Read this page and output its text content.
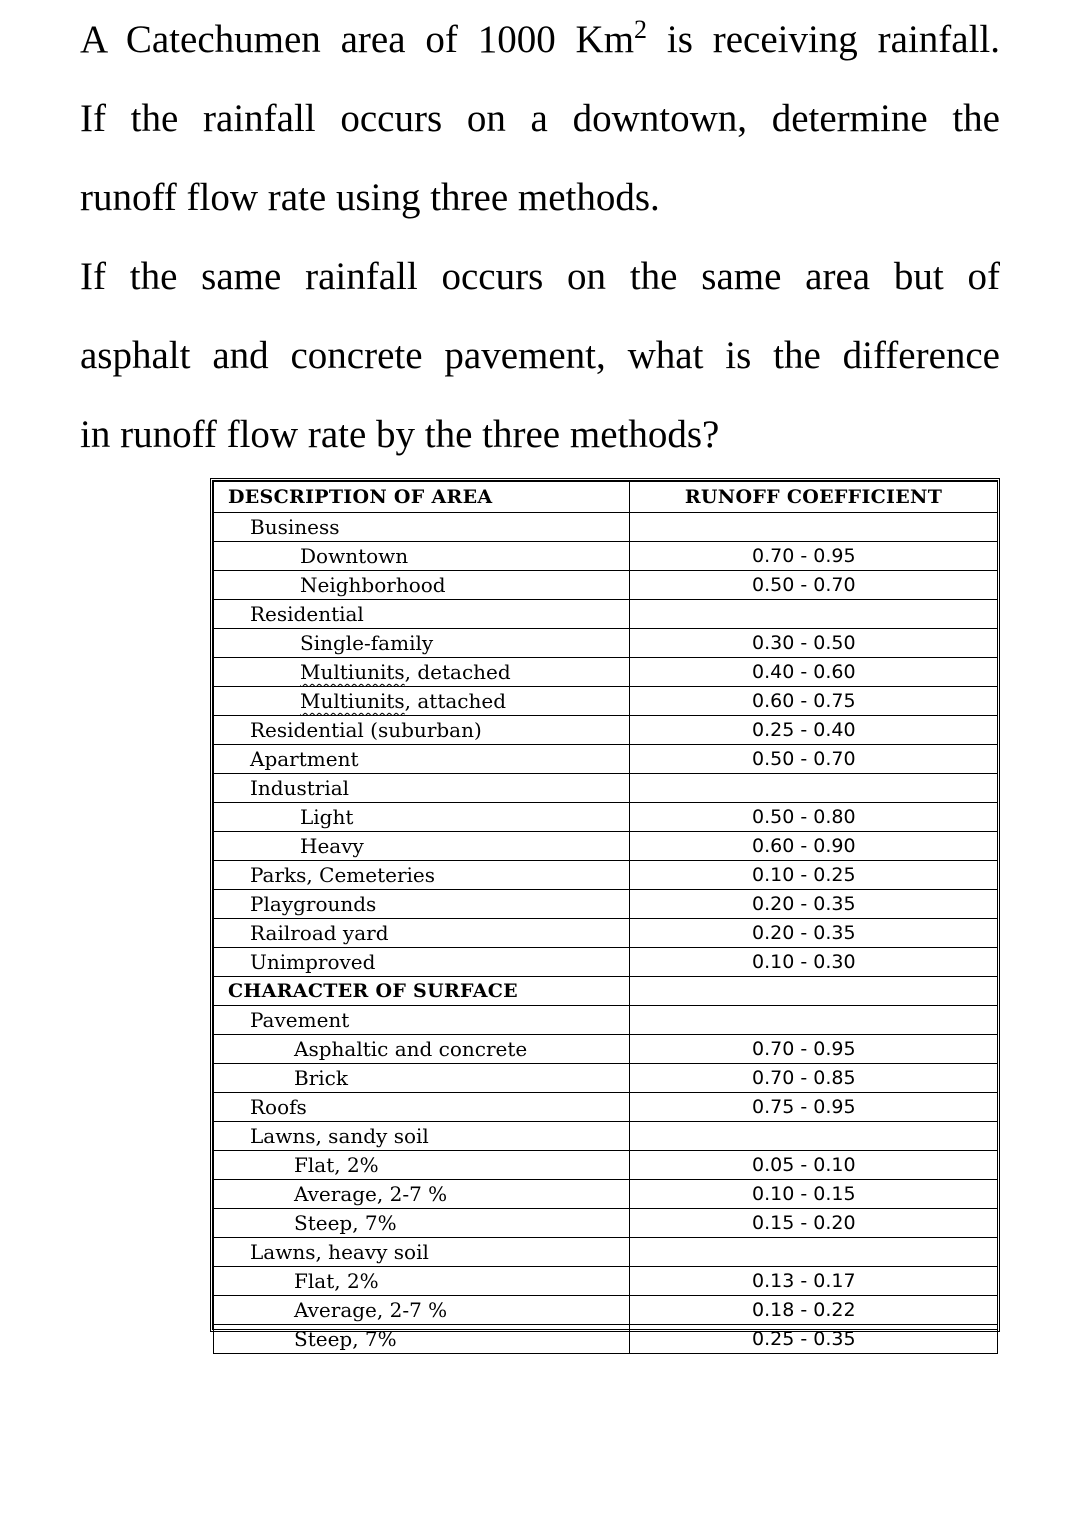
A Catechumen area of 1000 Km$^2$ is receiving rainfall.
If the rainfall occurs on a downtown, determine the
runoff flow rate using three methods.
If the same rainfall occurs on the same area but of
asphalt and concrete pavement, what is the difference
in runoff flow rate by the three methods?
DESCRIPTION OF AREA	RUNOFF COEFFICIENT
Business	
Downtown	0.70 - 0.95
Neighborhood	0.50 - 0.70
Residential	
Single-family	0.30 - 0.50
Multiunits, detached	0.40 - 0.60
Multiunits, attached	0.60 - 0.75
Residential (suburban)	0.25 - 0.40
Apartment	0.50 - 0.70
Industrial	
Light	0.50 - 0.80
Heavy	0.60 - 0.90
Parks, Cemeteries	0.10 - 0.25
Playgrounds	0.20 - 0.35
Railroad yard	0.20 - 0.35
Unimproved	0.10 - 0.30
CHARACTER OF SURFACE	
Pavement	
Asphaltic and concrete	0.70 - 0.95
Brick	0.70 - 0.85
Roofs	0.75 - 0.95
Lawns, sandy soil	
Flat, 2%	0.05 - 0.10
Average, 2-7 %	0.10 - 0.15
Steep, 7%	0.15 - 0.20
Lawns, heavy soil	
Flat, 2%	0.13 - 0.17
Average, 2-7 %	0.18 - 0.22
Steep, 7%	0.25 - 0.35
